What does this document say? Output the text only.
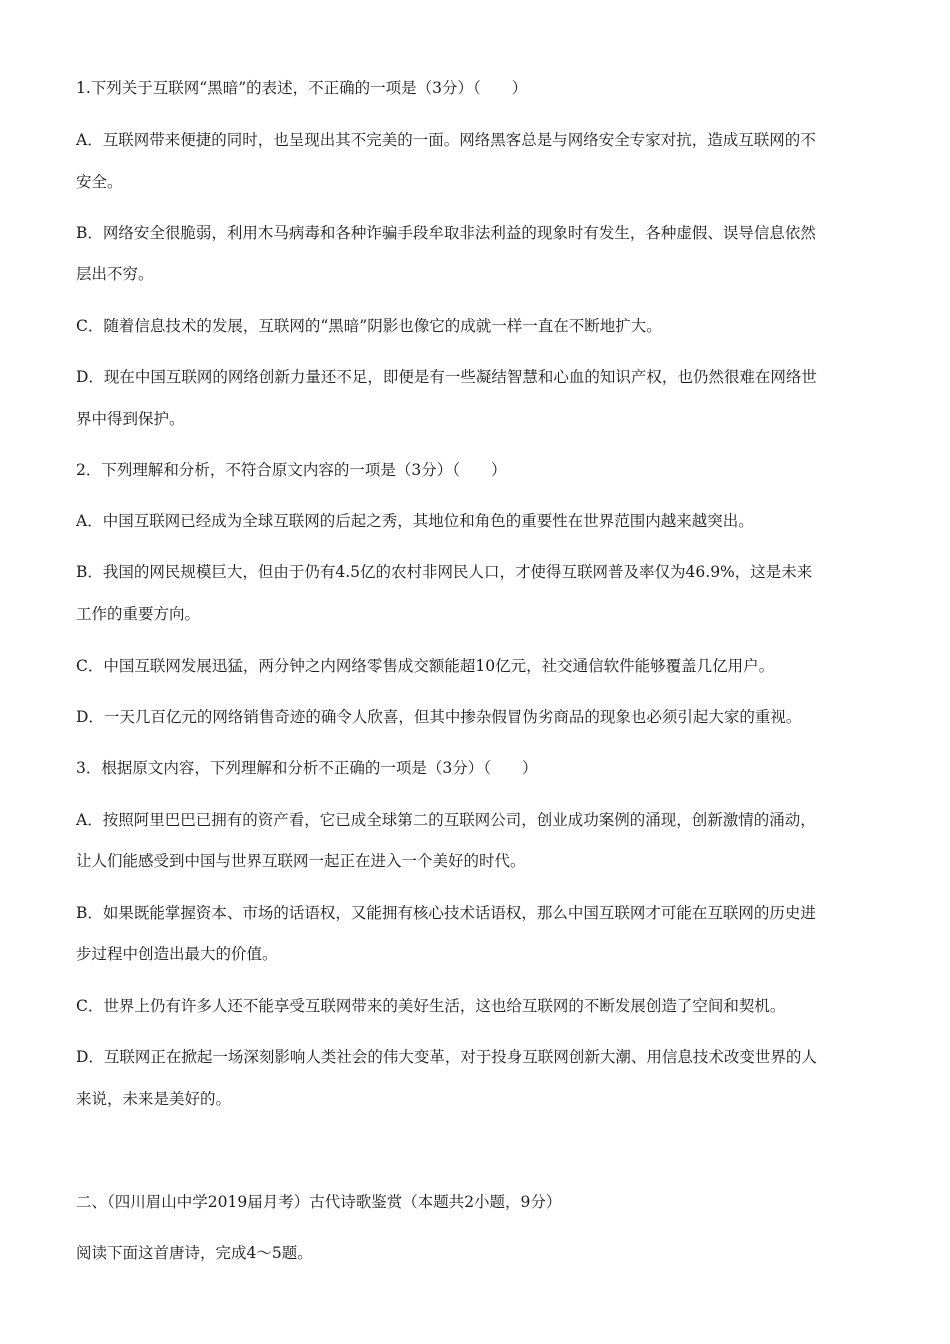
1.下列关于互联网“黑暗”的表述，不正确的一项是（3分）（　　）
A．互联网带来便捷的同时，也呈现出其不完美的一面。网络黑客总是与网络安全专家对抗，造成互联网的不
安全。
B．网络安全很脆弱，利用木马病毒和各种诈骗手段牟取非法利益的现象时有发生，各种虚假、误导信息依然
层出不穷。
C．随着信息技术的发展，互联网的“黑暗”阴影也像它的成就一样一直在不断地扩大。
D．现在中国互联网的网络创新力量还不足，即便是有一些凝结智慧和心血的知识产权，也仍然很难在网络世
界中得到保护。
2．下列理解和分析，不符合原文内容的一项是（3分）（　　）
A．中国互联网已经成为全球互联网的后起之秀，其地位和角色的重要性在世界范围内越来越突出。
B．我国的网民规模巨大，但由于仍有4.5亿的农村非网民人口，才使得互联网普及率仅为46.9%，这是未来
工作的重要方向。
C．中国互联网发展迅猛，两分钟之内网络零售成交额能超10亿元，社交通信软件能够覆盖几亿用户。
D．一天几百亿元的网络销售奇迹的确令人欣喜，但其中掺杂假冒伪劣商品的现象也必须引起大家的重视。
3．根据原文内容，下列理解和分析不正确的一项是（3分）（　　）
A．按照阿里巴巴已拥有的资产看，它已成全球第二的互联网公司，创业成功案例的涌现，创新激情的涌动，
让人们能感受到中国与世界互联网一起正在进入一个美好的时代。
B．如果既能掌握资本、市场的话语权，又能拥有核心技术话语权，那么中国互联网才可能在互联网的历史进
步过程中创造出最大的价值。
C．世界上仍有许多人还不能享受互联网带来的美好生活，这也给互联网的不断发展创造了空间和契机。
D．互联网正在掀起一场深刻影响人类社会的伟大变革，对于投身互联网创新大潮、用信息技术改变世界的人
来说，未来是美好的。
二、（四川眉山中学2019届月考）古代诗歌鉴赏（本题共2小题，9分）
阅读下面这首唐诗，完成4～5题。
